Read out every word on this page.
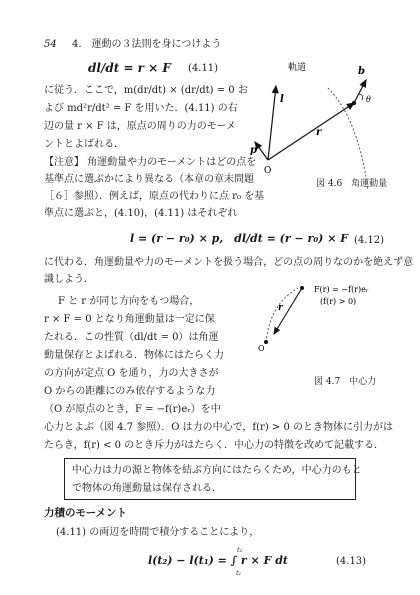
54 4.　運動の３法則を身につけよう
dl/dt = r × F (4.11)
に従う．ここで，m(dr/dt) × (dr/dt) = 0 お
よび md²r/dt² = F を用いた．(4.11) の右
辺の量 r × F は，原点の周りの力のモーメ
ントとよばれる．
【注意】 角運動量や力のモーメントはどの点を
基準点に選ぶかにより異なる（本章の章末問題
［６］参照）．例えば，原点の代わりに点 r₀ を基
準点に選ぶと，(4.10)，(4.11) はそれぞれ
軌道
l
r
p
b
θ
O
図 4.6　角運動量
l = (r − r₀) × p,　dl/dt = (r − r₀) × F (4.12)
に代わる．角運動量や力のモーメントを扱う場合，どの点の周りなのかを絶えず意
識しよう．
F と r が同じ方向をもつ場合，
r × F = 0 となり角運動量は一定に保
たれる．この性質（dl/dt = 0）は角運
動量保存とよばれる．物体にはたらく力
の方向が定点 O を通り，力の大きさが
O からの距離にのみ依存するような力
（O が原点のとき，F = −f(r)eᵣ）を中
心力とよぶ（図 4.7 参照）．O は力の中心で，f(r) > 0 のとき物体に引力がは
たらき，f(r) < 0 のとき斥力がはたらく．中心力の特徴を改めて記載する．
r
O
F(r) = −f(r)eᵣ
(f(r) > 0)
図 4.7　中心力
中心力は力の源と物体を結ぶ方向にはたらくため，中心力のもと
で物体の角運動量は保存される．
力積のモーメント
(4.11) の両辺を時間で積分することにより，
l(t₂) − l(t₁) = ∫ r × F dt
t₂
t₁
(4.13)
